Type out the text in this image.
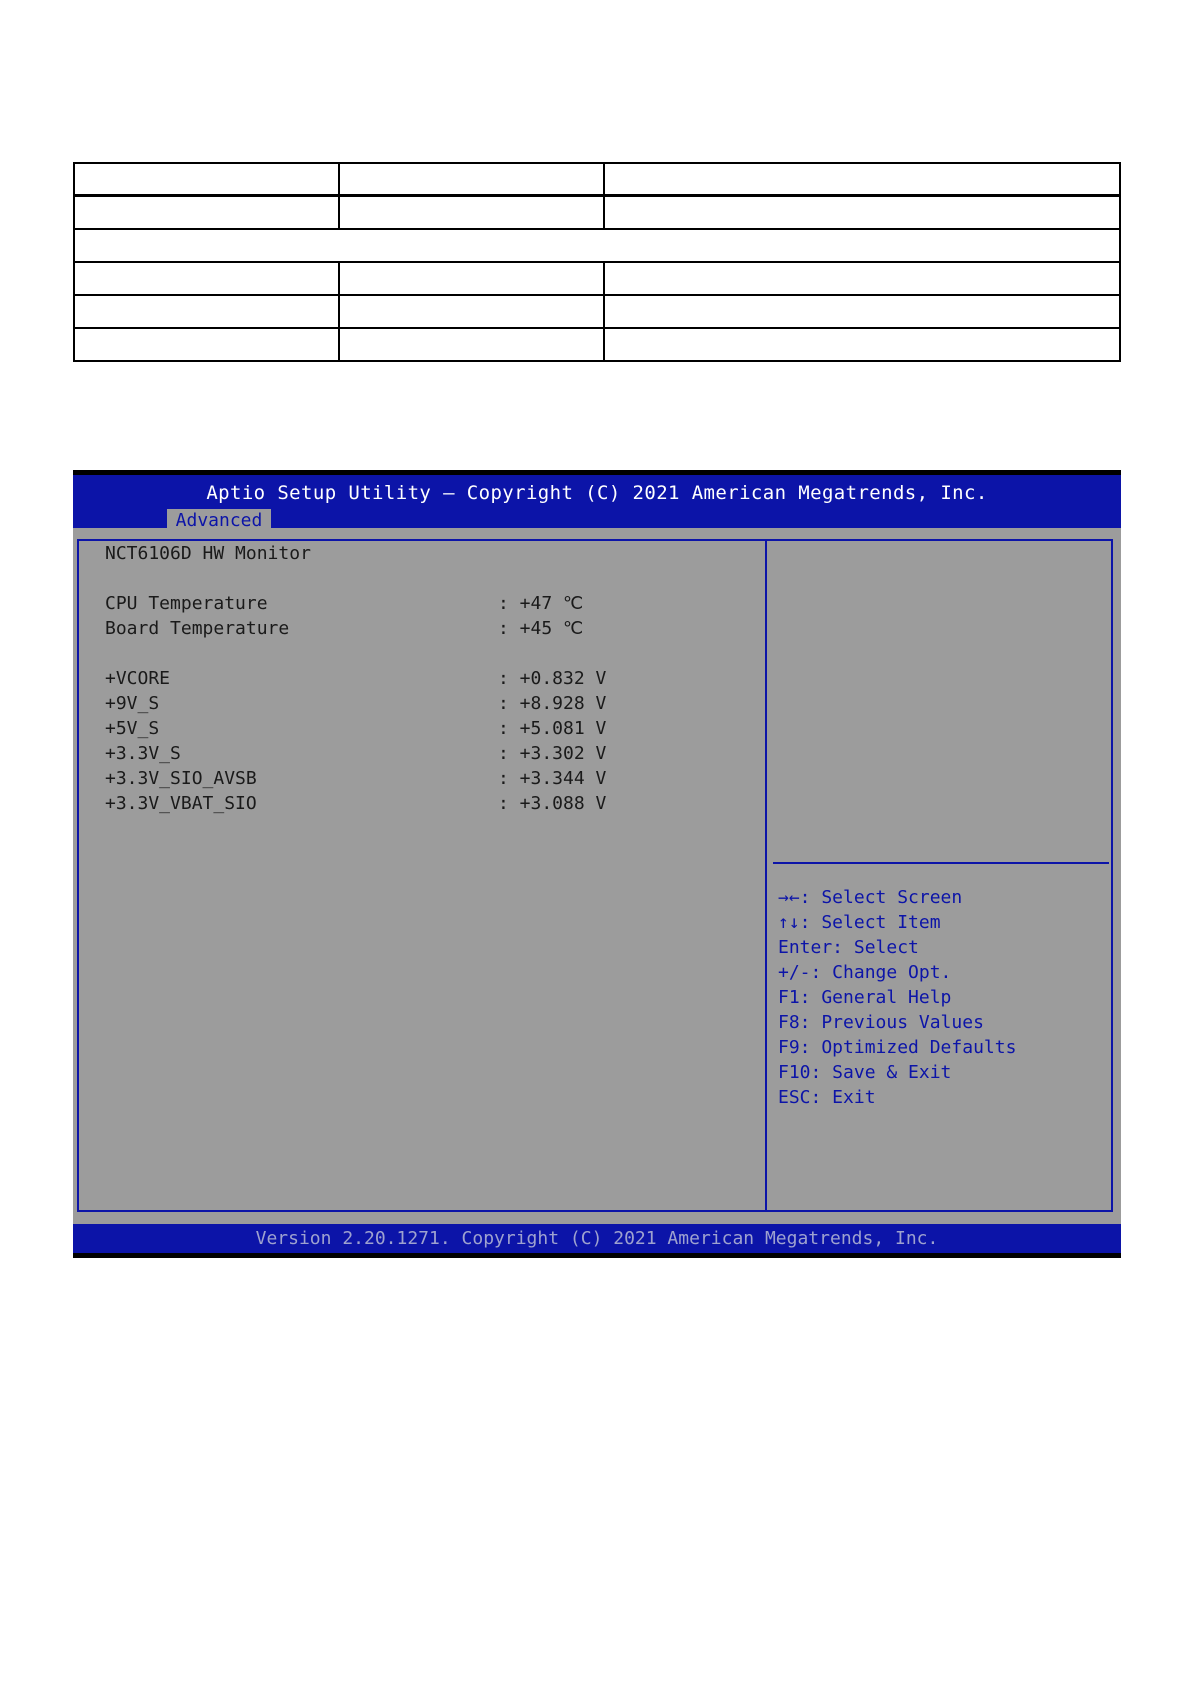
Aptio Setup Utility – Copyright (C) 2021 American Megatrends, Inc.
Advanced
NCT6106D HW Monitor
CPU Temperature	: +47 ℃
Board Temperature	: +45 ℃
+VCORE	: +0.832 V
+9V_S	: +8.928 V
+5V_S	: +5.081 V
+3.3V_S	: +3.302 V
+3.3V_SIO_AVSB	: +3.344 V
+3.3V_VBAT_SIO	: +3.088 V
→←: Select Screen
↑↓: Select Item
Enter: Select
+/-: Change Opt.
F1: General Help
F8: Previous Values
F9: Optimized Defaults
F10: Save & Exit
ESC: Exit
Version 2.20.1271. Copyright (C) 2021 American Megatrends, Inc.
